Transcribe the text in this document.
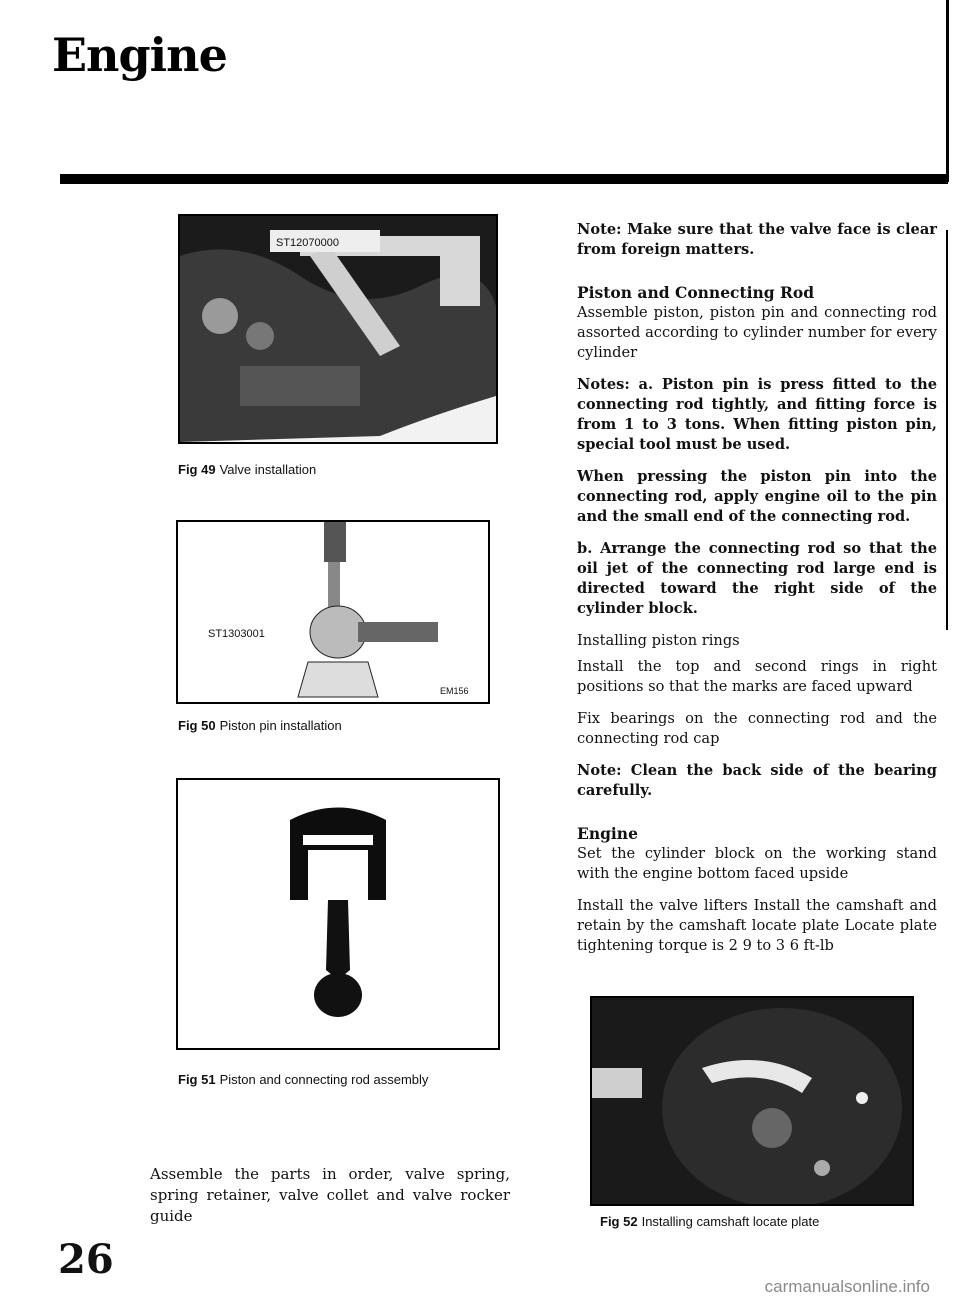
Engine
ST12070000
Fig 49 Valve installation
ST1303001
EM156
Fig 50 Piston pin installation
Fig 51 Piston and connecting rod assembly
Fig 52 Installing camshaft locate plate

Note: Make sure that the valve face is clear from foreign matters.

Piston and Connecting Rod

Assemble piston, piston pin and connecting rod assorted according to cylinder number for every cylinder

Notes: a. Piston pin is press fitted to the connecting rod tightly, and fitting force is from 1 to 3 tons. When fitting piston pin, special tool must be used.

When pressing the piston pin into the connecting rod, apply engine oil to the pin and the small end of the connecting rod.

b. Arrange the connecting rod so that the oil jet of the connecting rod large end is directed toward the right side of the cylinder block.

Installing piston rings

Install the top and second rings in right positions so that the marks are faced upward

Fix bearings on the connecting rod and the connecting rod cap

Note: Clean the back side of the bearing carefully.

Engine

Set the cylinder block on the working stand with the engine bottom faced upside

Install the valve lifters Install the camshaft and retain by the camshaft locate plate Locate plate tightening torque is 2 9 to 3 6 ft-lb

Assemble the parts in order, valve spring, spring retainer, valve collet and valve rocker guide
26
carmanualsonline.info
